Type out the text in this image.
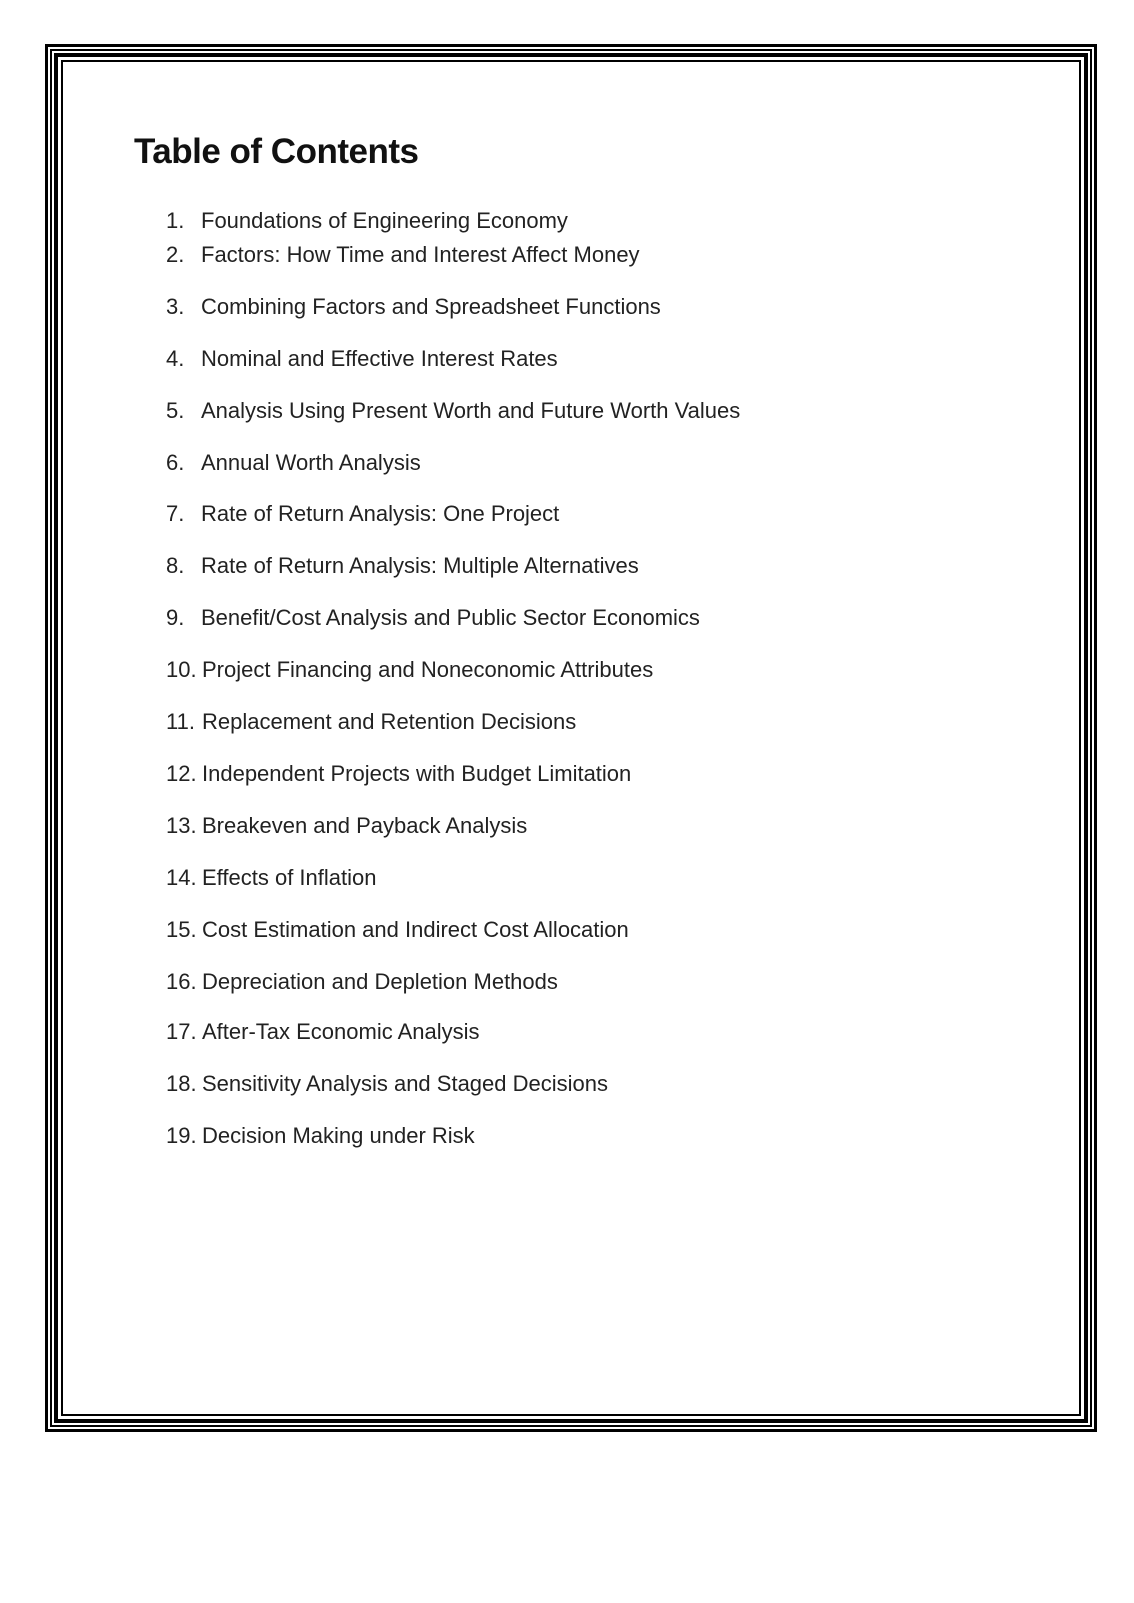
Table of Contents
1. Foundations of Engineering Economy
2. Factors: How Time and Interest Affect Money
3. Combining Factors and Spreadsheet Functions
4. Nominal and Effective Interest Rates
5. Analysis Using Present Worth and Future Worth Values
6. Annual Worth Analysis
7. Rate of Return Analysis: One Project
8. Rate of Return Analysis: Multiple Alternatives
9. Benefit/Cost Analysis and Public Sector Economics
10. Project Financing and Noneconomic Attributes
11. Replacement and Retention Decisions
12. Independent Projects with Budget Limitation
13. Breakeven and Payback Analysis
14. Effects of Inflation
15. Cost Estimation and Indirect Cost Allocation
16. Depreciation and Depletion Methods
17. After-Tax Economic Analysis
18. Sensitivity Analysis and Staged Decisions
19. Decision Making under Risk
